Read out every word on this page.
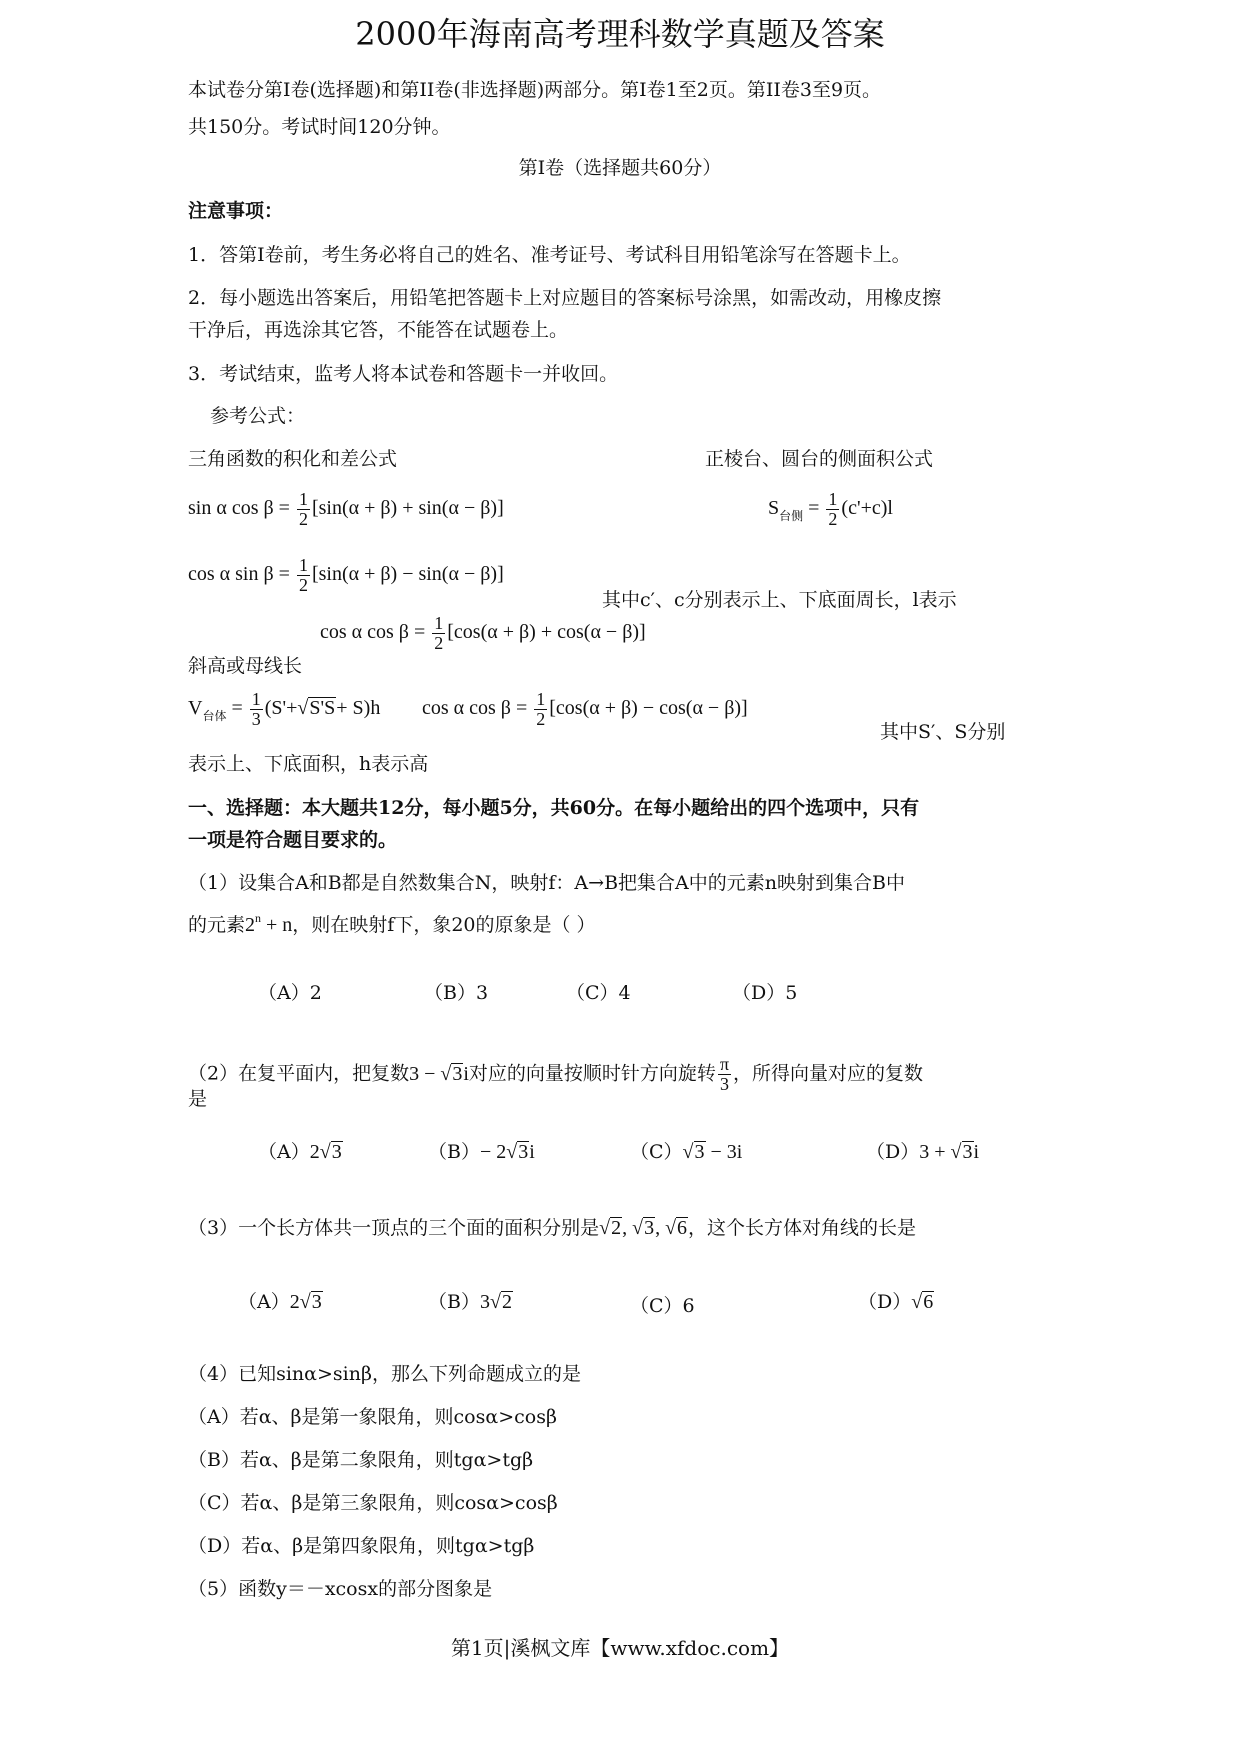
2000年海南高考理科数学真题及答案
本试卷分第Ⅰ卷(选择题)和第II卷(非选择题)两部分。第Ⅰ卷1至2页。第II卷3至9页。
共150分。考试时间120分钟。
第Ⅰ卷（选择题共60分）
注意事项：
1．答第Ⅰ卷前，考生务必将自己的姓名、准考证号、考试科目用铅笔涂写在答题卡上。
2．每小题选出答案后，用铅笔把答题卡上对应题目的答案标号涂黑，如需改动，用橡皮擦
干净后，再选涂其它答，不能答在试题卷上。
3．考试结束，监考人将本试卷和答题卡一并收回。
参考公式：
三角函数的积化和差公式	正棱台、圆台的侧面积公式
sin α $\cos \beta = \frac{1}{2} [\sin(\alpha + \beta) + \sin(\alpha - \beta)]$	$S_{台侧} = \frac{1}{2} (c'+c)l$
cos α $\sin \beta = \frac{1}{2} [\sin(\alpha + \beta) - \sin(\alpha - \beta)]$
其中c′、c分别表示上、下底面周长，l表示
cos α $\cos \beta = \frac{1}{2} [\cos(\alpha + \beta) + \cos(\alpha - \beta)]$
斜高或母线长
$V_{台体} = \frac{1}{3} (S'+√S'S+ S)h$ cos α $\cos \beta = \frac{1}{2} [\cos(\alpha + \beta) - \cos(\alpha - \beta)]$
其中S′、S分别
表示上、下底面积，h表示高
一、选择题：本大题共12分，每小题5分，共60分。在每小题给出的四个选项中，只有
一项是符合题目要求的。
（1）设集合A和B都是自然数集合N，映射f：A→B把集合A中的元素n映射到集合B中
的元素$2^n + n$，则在映射f下，象20的原象是（ ）
（A）2	（B）3	（C）4	（D）5
（2）在复平面内，把复数3 − √3i对应的向量按顺时针方向旋转 $\frac{\pi}{3}$ ，所得向量对应的复数
是
（A）2√3	（B）− 2√3i	（C）√3 − 3i	（D）3 + √3i
（3）一个长方体共一顶点的三个面的面积分别是√2, √3, √6，这个长方体对角线的长是
（A）2√3	（B）3√2	（C）6	（D）√6
（4）已知sinα>sinβ，那么下列命题成立的是
（A）若α、β是第一象限角，则cosα>cosβ
（B）若α、β是第二象限角，则tgα>tgβ
（C）若α、β是第三象限角，则cosα>cosβ
（D）若α、β是第四象限角，则tgα>tgβ
（5）函数y＝－xcosx的部分图象是
第1页|溪枫文库【www.xfdoc.com】
